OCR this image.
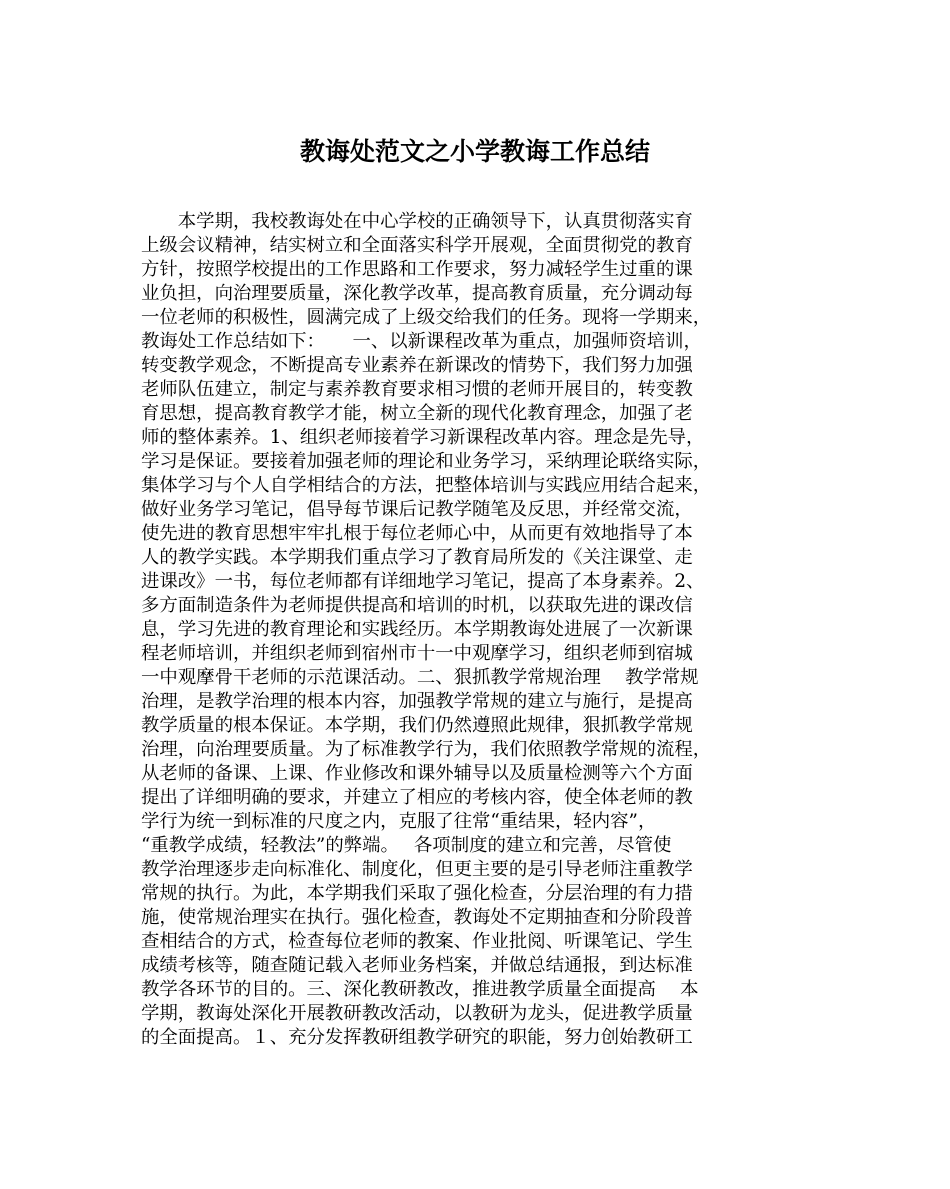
教诲处范文之小学教诲工作总结
　　本学期，我校教诲处在中心学校的正确领导下，认真贯彻落实育
上级会议精神，结实树立和全面落实科学开展观，全面贯彻党的教育
方针，按照学校提出的工作思路和工作要求，努力减轻学生过重的课
业负担，向治理要质量，深化教学改革，提高教育质量，充分调动每
一位老师的积极性，圆满完成了上级交给我们的任务。现将一学期来，
教诲处工作总结如下：　　一、以新课程改革为重点，加强师资培训，
转变教学观念，不断提高专业素养在新课改的情势下，我们努力加强
老师队伍建立，制定与素养教育要求相习惯的老师开展目的，转变教
育思想，提高教育教学才能，树立全新的现代化教育理念，加强了老
师的整体素养。1、组织老师接着学习新课程改革内容。理念是先导，
学习是保证。要接着加强老师的理论和业务学习，采纳理论联络实际，
集体学习与个人自学相结合的方法，把整体培训与实践应用结合起来，
做好业务学习笔记，倡导每节课后记教学随笔及反思，并经常交流，
使先进的教育思想牢牢扎根于每位老师心中，从而更有效地指导了本
人的教学实践。本学期我们重点学习了教育局所发的《关注课堂、走
进课改》一书，每位老师都有详细地学习笔记，提高了本身素养。2、
多方面制造条件为老师提供提高和培训的时机，以获取先进的课改信
息，学习先进的教育理论和实践经历。本学期教诲处进展了一次新课
程老师培训，并组织老师到宿州市十一中观摩学习，组织老师到宿城
一中观摩骨干老师的示范课活动。二、狠抓教学常规治理　 教学常规
治理，是教学治理的根本内容，加强教学常规的建立与施行，是提高
教学质量的根本保证。本学期，我们仍然遵照此规律，狠抓教学常规
治理，向治理要质量。为了标准教学行为，我们依照教学常规的流程，
从老师的备课、上课、作业修改和课外辅导以及质量检测等六个方面
提出了详细明确的要求，并建立了相应的考核内容，使全体老师的教
学行为统一到标准的尺度之内，克服了往常“重结果，轻内容”，
“重教学成绩，轻教法”的弊端。　 各项制度的建立和完善，尽管使
教学治理逐步走向标准化、制度化，但更主要的是引导老师注重教学
常规的执行。为此，本学期我们采取了强化检查，分层治理的有力措
施，使常规治理实在执行。强化检查，教诲处不定期抽查和分阶段普
查相结合的方式，检查每位老师的教案、作业批阅、听课笔记、学生
成绩考核等，随查随记载入老师业务档案，并做总结通报，到达标准
教学各环节的目的。三、深化教研教改，推进教学质量全面提高　 本
学期，教诲处深化开展教研教改活动，以教研为龙头，促进教学质量
的全面提高。１、充分发挥教研组教学研究的职能，努力创始教研工
